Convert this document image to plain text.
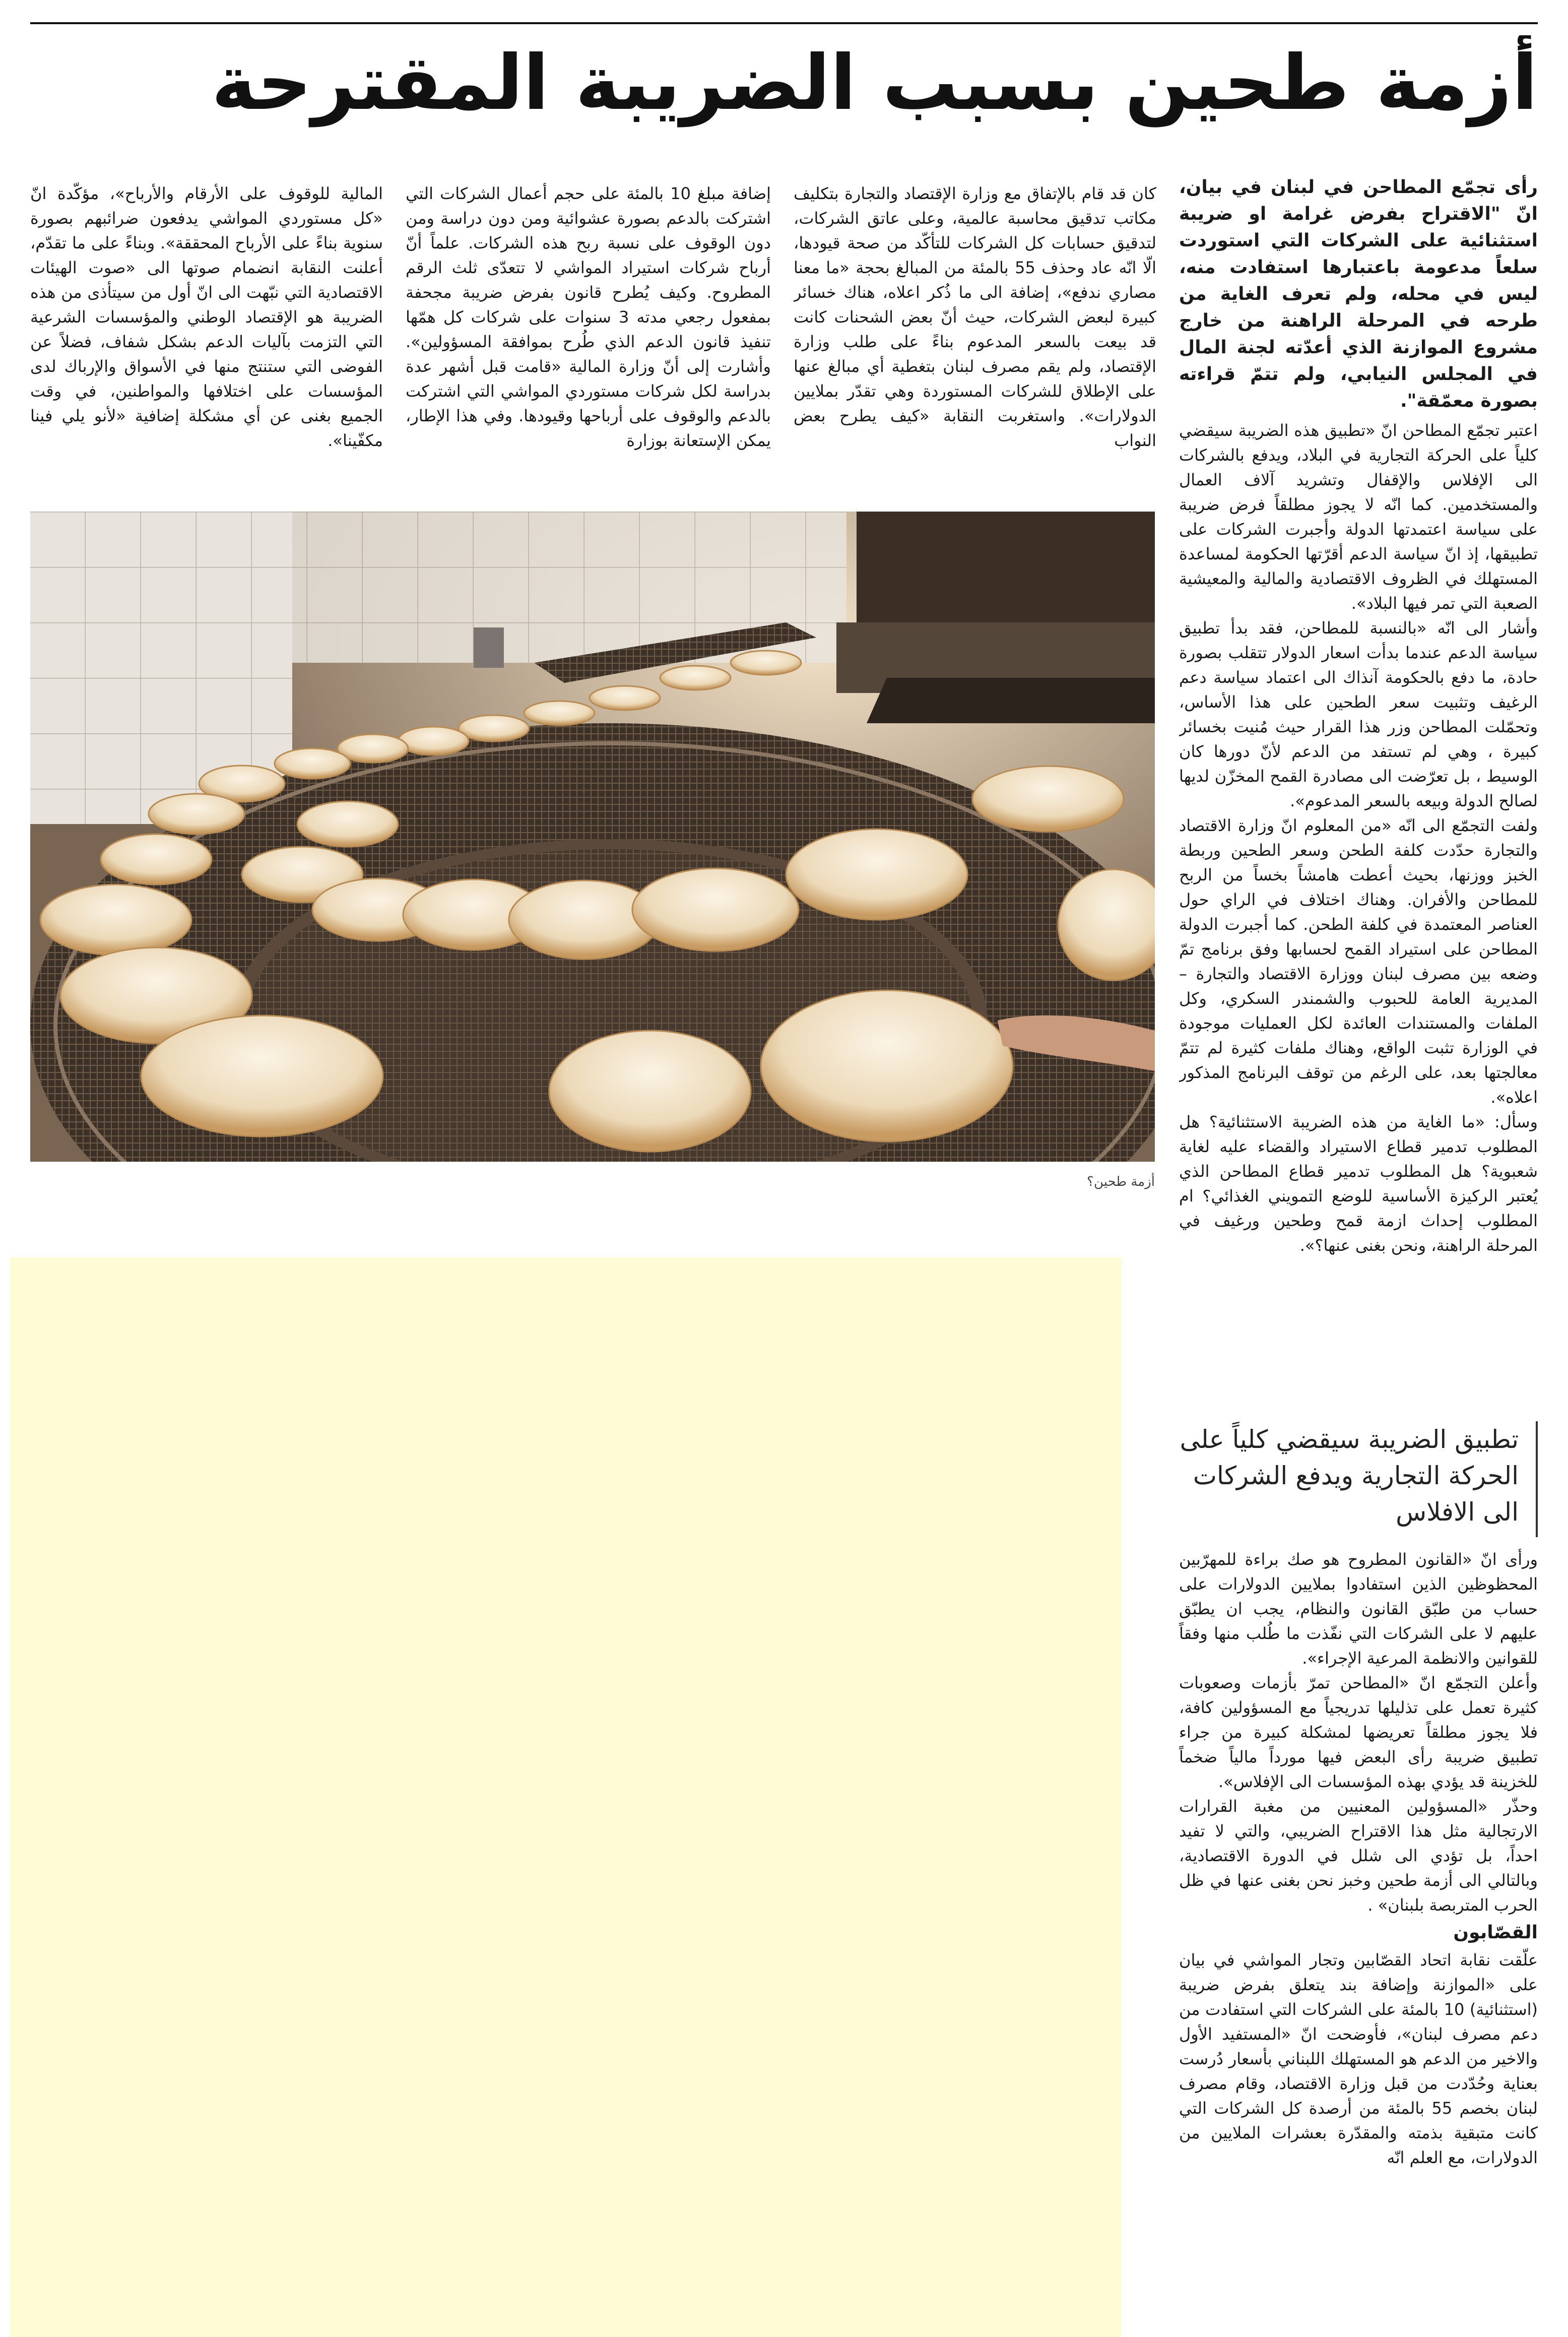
أزمة طحين بسبب الضريبة المقترحة

رأى تجمّع المطاحن في لبنان في بيان، انّ "الاقتراح بفرض غرامة او ضريبة استثنائية على الشركات التي استوردت سلعاً مدعومة باعتبارها استفادت منه، ليس في محله، ولم تعرف الغاية من طرحه في المرحلة الراهنة من خارج مشروع الموازنة الذي أعدّته لجنة المال في المجلس النيابي، ولم تتمّ قراءته بصورة معمّقة".

اعتبر تجمّع المطاحن انّ «تطبيق هذه الضريبة سيقضي كلياً على الحركة التجارية في البلاد، ويدفع بالشركات الى الإفلاس والإقفال وتشريد آلاف العمال والمستخدمين. كما انّه لا يجوز مطلقاً فرض ضريبة على سياسة اعتمدتها الدولة وأجبرت الشركات على تطبيقها، إذ انّ سياسة الدعم أقرّتها الحكومة لمساعدة المستهلك في الظروف الاقتصادية والمالية والمعيشية الصعبة التي تمر فيها البلاد».

وأشار الى انّه «بالنسبة للمطاحن، فقد بدأ تطبيق سياسة الدعم عندما بدأت اسعار الدولار تتقلب بصورة حادة، ما دفع بالحكومة آنذاك الى اعتماد سياسة دعم الرغيف وتثبيت سعر الطحين على هذا الأساس، وتحمّلت المطاحن وزر هذا القرار حيث مُنيت بخسائر كبيرة ، وهي لم تستفد من الدعم لأنّ دورها كان الوسيط ، بل تعرّضت الى مصادرة القمح المخزّن لديها لصالح الدولة وبيعه بالسعر المدعوم».

ولفت التجمّع الى انّه «من المعلوم انّ وزارة الاقتصاد والتجارة حدّدت كلفة الطحن وسعر الطحين وربطة الخبز ووزنها، بحيث أعطت هامشاً بخساً من الربح للمطاحن والأفران. وهناك اختلاف في الراي حول العناصر المعتمدة في كلفة الطحن. كما أجبرت الدولة المطاحن على استيراد القمح لحسابها وفق برنامج تمّ وضعه بين مصرف لبنان ووزارة الاقتصاد والتجارة – المديرية العامة للحبوب والشمندر السكري، وكل الملفات والمستندات العائدة لكل العمليات موجودة في الوزارة تثبت الواقع، وهناك ملفات كثيرة لم تتمّ معالجتها بعد، على الرغم من توقف البرنامج المذكور اعلاه».

وسأل: «ما الغاية من هذه الضريبة الاستثنائية؟ هل المطلوب تدمير قطاع الاستيراد والقضاء عليه لغاية شعبوية؟ هل المطلوب تدمير قطاع المطاحن الذي يُعتبر الركيزة الأساسية للوضع التمويني الغذائي؟ ام المطلوب إحداث ازمة قمح وطحين ورغيف في المرحلة الراهنة، ونحن بغنى عنها؟».

تطبيق الضريبة سيقضي كلياً على الحركة التجارية ويدفع الشركات الى الافلاس

ورأى انّ «القانون المطروح هو صك براءة للمهرّبين المحظوظين الذين استفادوا بملايين الدولارات على حساب من طبّق القانون والنظام، يجب ان يطبّق عليهم لا على الشركات التي نفّذت ما طُلب منها وفقاً للقوانين والانظمة المرعية الإجراء».

وأعلن التجمّع انّ «المطاحن تمرّ بأزمات وصعوبات كثيرة تعمل على تذليلها تدريجياً مع المسؤولين كافة، فلا يجوز مطلقاً تعريضها لمشكلة كبيرة من جراء تطبيق ضريبة رأى البعض فيها مورداً مالياً ضخماً للخزينة قد يؤدي بهذه المؤسسات الى الإفلاس».

وحذّر «المسؤولين المعنيين من مغبة القرارات الارتجالية مثل هذا الاقتراح الضريبي، والتي لا تفيد احداً، بل تؤدي الى شلل في الدورة الاقتصادية، وبالتالي الى أزمة طحين وخبز نحن بغنى عنها في ظل الحرب المتربصة بلبنان» .

القصّابون

علّقت نقابة اتحاد القصّابين وتجار المواشي في بيان على «الموازنة وإضافة بند يتعلق بفرض ضريبة (استثنائية) 10 بالمئة على الشركات التي استفادت من دعم مصرف لبنان»، فأوضحت انّ «المستفيد الأول والاخير من الدعم هو المستهلك اللبناني بأسعار دُرست بعناية وحُدّدت من قبل وزارة الاقتصاد، وقام مصرف لبنان بخصم 55 بالمئة من أرصدة كل الشركات التي كانت متبقية بذمته والمقدّرة بعشرات الملايين من الدولارات، مع العلم انّه

كان قد قام بالإتفاق مع وزارة الإقتصاد والتجارة بتكليف مكاتب تدقيق محاسبة عالمية، وعلى عاتق الشركات، لتدقيق حسابات كل الشركات للتأكّد من صحة قيودها، الّا انّه عاد وحذف 55 بالمئة من المبالغ بحجة «ما معنا مصاري ندفع»، إضافة الى ما ذُكر اعلاه، هناك خسائر كبيرة لبعض الشركات، حيث أنّ بعض الشحنات كانت قد بيعت بالسعر المدعوم بناءً على طلب وزارة الإقتصاد، ولم يقم مصرف لبنان بتغطية أي مبالغ عنها على الإطلاق للشركات المستوردة وهي تقدّر بملايين الدولارات». واستغربت النقابة «كيف يطرح بعض النواب

إضافة مبلغ 10 بالمئة على حجم أعمال الشركات التي اشتركت بالدعم بصورة عشوائية ومن دون دراسة ومن دون الوقوف على نسبة ربح هذه الشركات. علماً أنّ أرباح شركات استيراد المواشي لا تتعدّى ثلث الرقم المطروح. وكيف يُطرح قانون بفرض ضريبة مجحفة بمفعول رجعي مدته 3 سنوات على شركات كل همّها تنفيذ قانون الدعم الذي طُرح بموافقة المسؤولين». وأشارت إلى أنّ وزارة المالية «قامت قبل أشهر عدة بدراسة لكل شركات مستوردي المواشي التي اشتركت بالدعم والوقوف على أرباحها وقيودها. وفي هذا الإطار، يمكن الإستعانة بوزارة

المالية للوقوف على الأرقام والأرباح»، مؤكّدة انّ «كل مستوردي المواشي يدفعون ضرائبهم بصورة سنوية بناءً على الأرباح المحققة». وبناءً على ما تقدّم، أعلنت النقابة انضمام صوتها الى «صوت الهيئات الاقتصادية التي نبّهت الى انّ أول من سيتأذى من هذه الضريبة هو الإقتصاد الوطني والمؤسسات الشرعية التي التزمت بآليات الدعم بشكل شفاف، فضلاً عن الفوضى التي ستنتج منها في الأسواق والإرباك لدى المؤسسات على اختلافها والمواطنين، في وقت الجميع بغنى عن أي مشكلة إضافية «لأنو يلي فينا مكفّينا».

أزمة طحين؟
